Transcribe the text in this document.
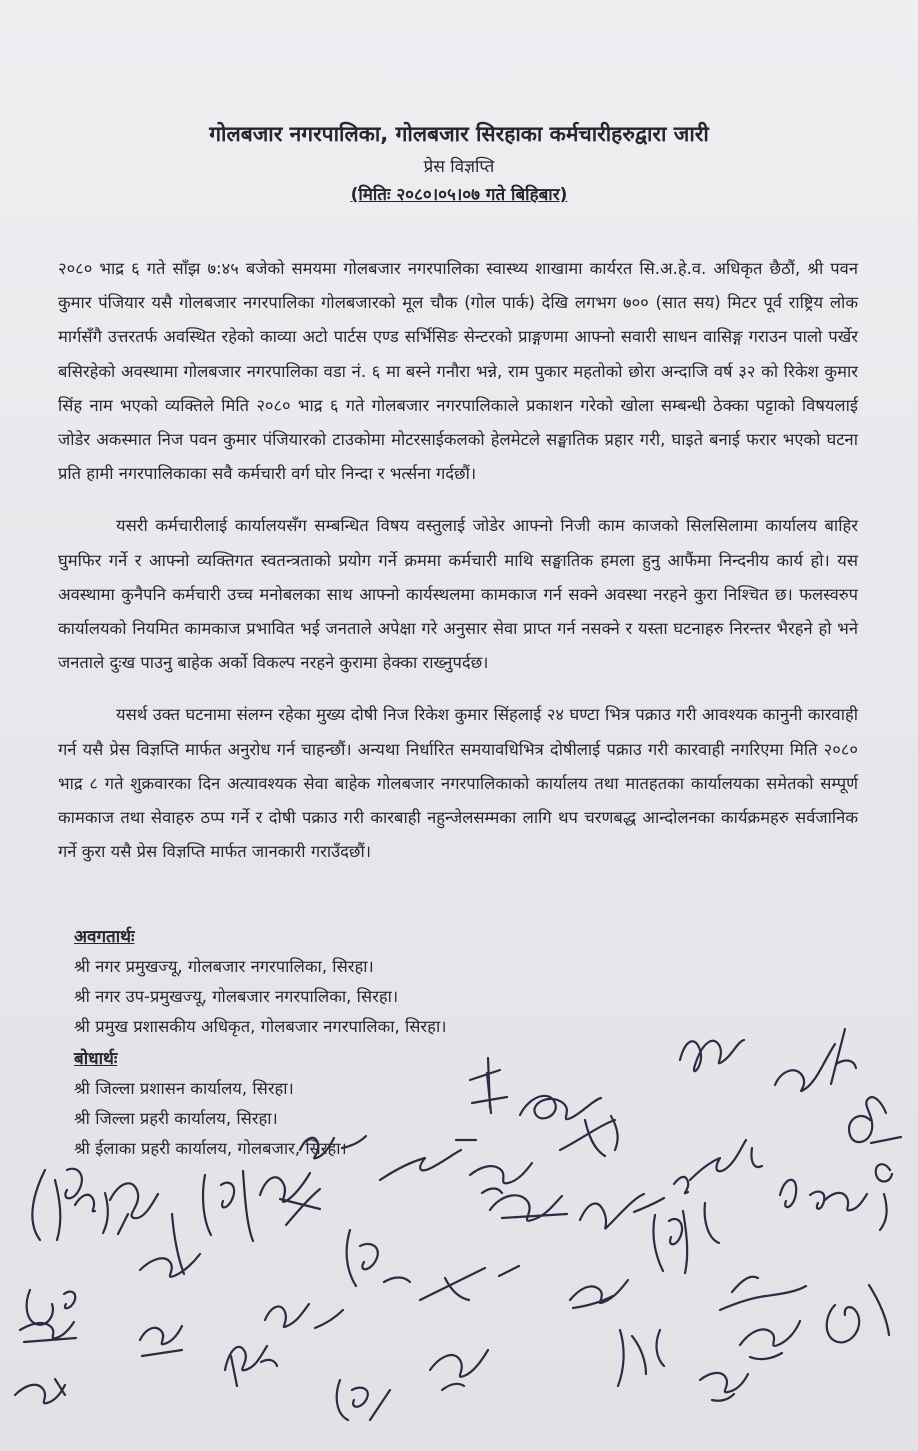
गोलबजार नगरपालिका, गोलबजार सिरहाका कर्मचारीहरुद्वारा जारी

प्रेस विज्ञप्ति

(मितिः २०८०।०५।०७ गते बिहिबार)

२०८० भाद्र ६ गते साँझ ७:४५ बजेको समयमा गोलबजार नगरपालिका स्वास्थ्य शाखामा कार्यरत सि.अ.हे.व. अधिकृत छैठौं, श्री पवन कुमार पंजियार यसै गोलबजार नगरपालिका गोलबजारको मूल चौक (गोल पार्क) देखि लगभग ७०० (सात सय) मिटर पूर्व राष्ट्रिय लोक मार्गसँगै उत्तरतर्फ अवस्थित रहेको काव्या अटो पार्टस एण्ड सर्भिसिङ सेन्टरको प्राङ्गणमा आफ्नो सवारी साधन वासिङ्ग गराउन पालो पर्खेर बसिरहेको अवस्थामा गोलबजार नगरपालिका वडा नं. ६ मा बस्ने गनौरा भन्ने, राम पुकार महतोको छोरा अन्दाजि वर्ष ३२ को रिकेश कुमार सिंह नाम भएको व्यक्तिले मिति २०८० भाद्र ६ गते गोलबजार नगरपालिकाले प्रकाशन गरेको खोला सम्बन्धी ठेक्का पट्टाको विषयलाई जोडेर अकस्मात निज पवन कुमार पंजियारको टाउकोमा मोटरसाईकलको हेलमेटले सङ्घातिक प्रहार गरी, घाइते बनाई फरार भएको घटना प्रति हामी नगरपालिकाका सवै कर्मचारी वर्ग घोर निन्दा र भर्त्सना गर्दछौं।

यसरी कर्मचारीलाई कार्यालयसँग सम्बन्धित विषय वस्तुलाई जोडेर आफ्नो निजी काम काजको सिलसिलामा कार्यालय बाहिर घुमफिर गर्ने र आफ्नो व्यक्तिगत स्वतन्त्रताको प्रयोग गर्ने क्रममा कर्मचारी माथि सङ्घातिक हमला हुनु आफैंमा निन्दनीय कार्य हो। यस अवस्थामा कुनैपनि कर्मचारी उच्च मनोबलका साथ आफ्नो कार्यस्थलमा कामकाज गर्न सक्ने अवस्था नरहने कुरा निश्चित छ। फलस्वरुप कार्यालयको नियमित कामकाज प्रभावित भई जनताले अपेक्षा गरे अनुसार सेवा प्राप्त गर्न नसक्ने र यस्ता घटनाहरु निरन्तर भैरहने हो भने जनताले दुःख पाउनु बाहेक अर्को विकल्प नरहने कुरामा हेक्का राख्नुपर्दछ।

यसर्थ उक्त घटनामा संलग्न रहेका मुख्य दोषी निज रिकेश कुमार सिंहलाई २४ घण्टा भित्र पक्राउ गरी आवश्यक कानुनी कारवाही गर्न यसै प्रेस विज्ञप्ति मार्फत अनुरोध गर्न चाहन्छौं। अन्यथा निर्धारित समयावधिभित्र दोषीलाई पक्राउ गरी कारवाही नगरिएमा मिति २०८० भाद्र ८ गते शुक्रवारका दिन अत्यावश्यक सेवा बाहेक गोलबजार नगरपालिकाको कार्यालय तथा मातहतका कार्यालयका समेतको सम्पूर्ण कामकाज तथा सेवाहरु ठप्प गर्ने र दोषी पक्राउ गरी कारबाही नहुन्जेलसम्मका लागि थप चरणबद्ध आन्दोलनका कार्यक्रमहरु सर्वजानिक गर्ने कुरा यसै प्रेस विज्ञप्ति मार्फत जानकारी गराउँदछौं।

अवगतार्थः

श्री नगर प्रमुखज्यू, गोलबजार नगरपालिका, सिरहा।

श्री नगर उप-प्रमुखज्यू, गोलबजार नगरपालिका, सिरहा।

श्री प्रमुख प्रशासकीय अधिकृत, गोलबजार नगरपालिका, सिरहा।

बोधार्थः

श्री जिल्ला प्रशासन कार्यालय, सिरहा।

श्री जिल्ला प्रहरी कार्यालय, सिरहा।

श्री ईलाका प्रहरी कार्यालय, गोलबजार, सिरहा।
